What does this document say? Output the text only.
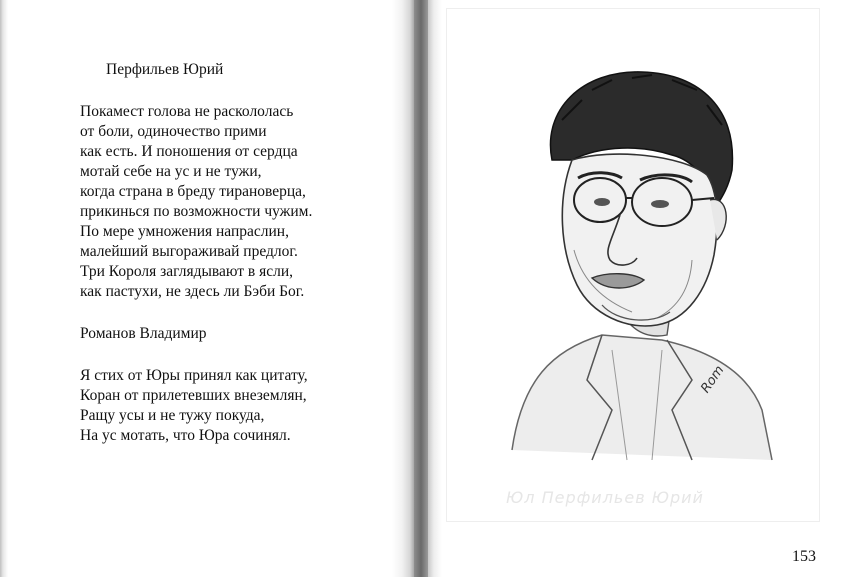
Перфильев Юрий
Покамест голова не раскололась
от боли, одиночество прими
как есть. И поношения от сердца
мотай себе на ус и не тужи,
когда страна в бреду тирановерца,
прикинься по возможности чужим.
По мере умножения напраслин,
малейший выгораживай предлог.
Три Короля заглядывают в ясли,
как пастухи, не здесь ли Бэби Бог.
Романов Владимир
Я стих от Юры принял как цитату,
Коран от прилетевших внеземлян,
Ращу усы и не тужу покуда,
На ус мотать, что Юра сочинял.
Rom
Юл Перфильев Юрий
153
